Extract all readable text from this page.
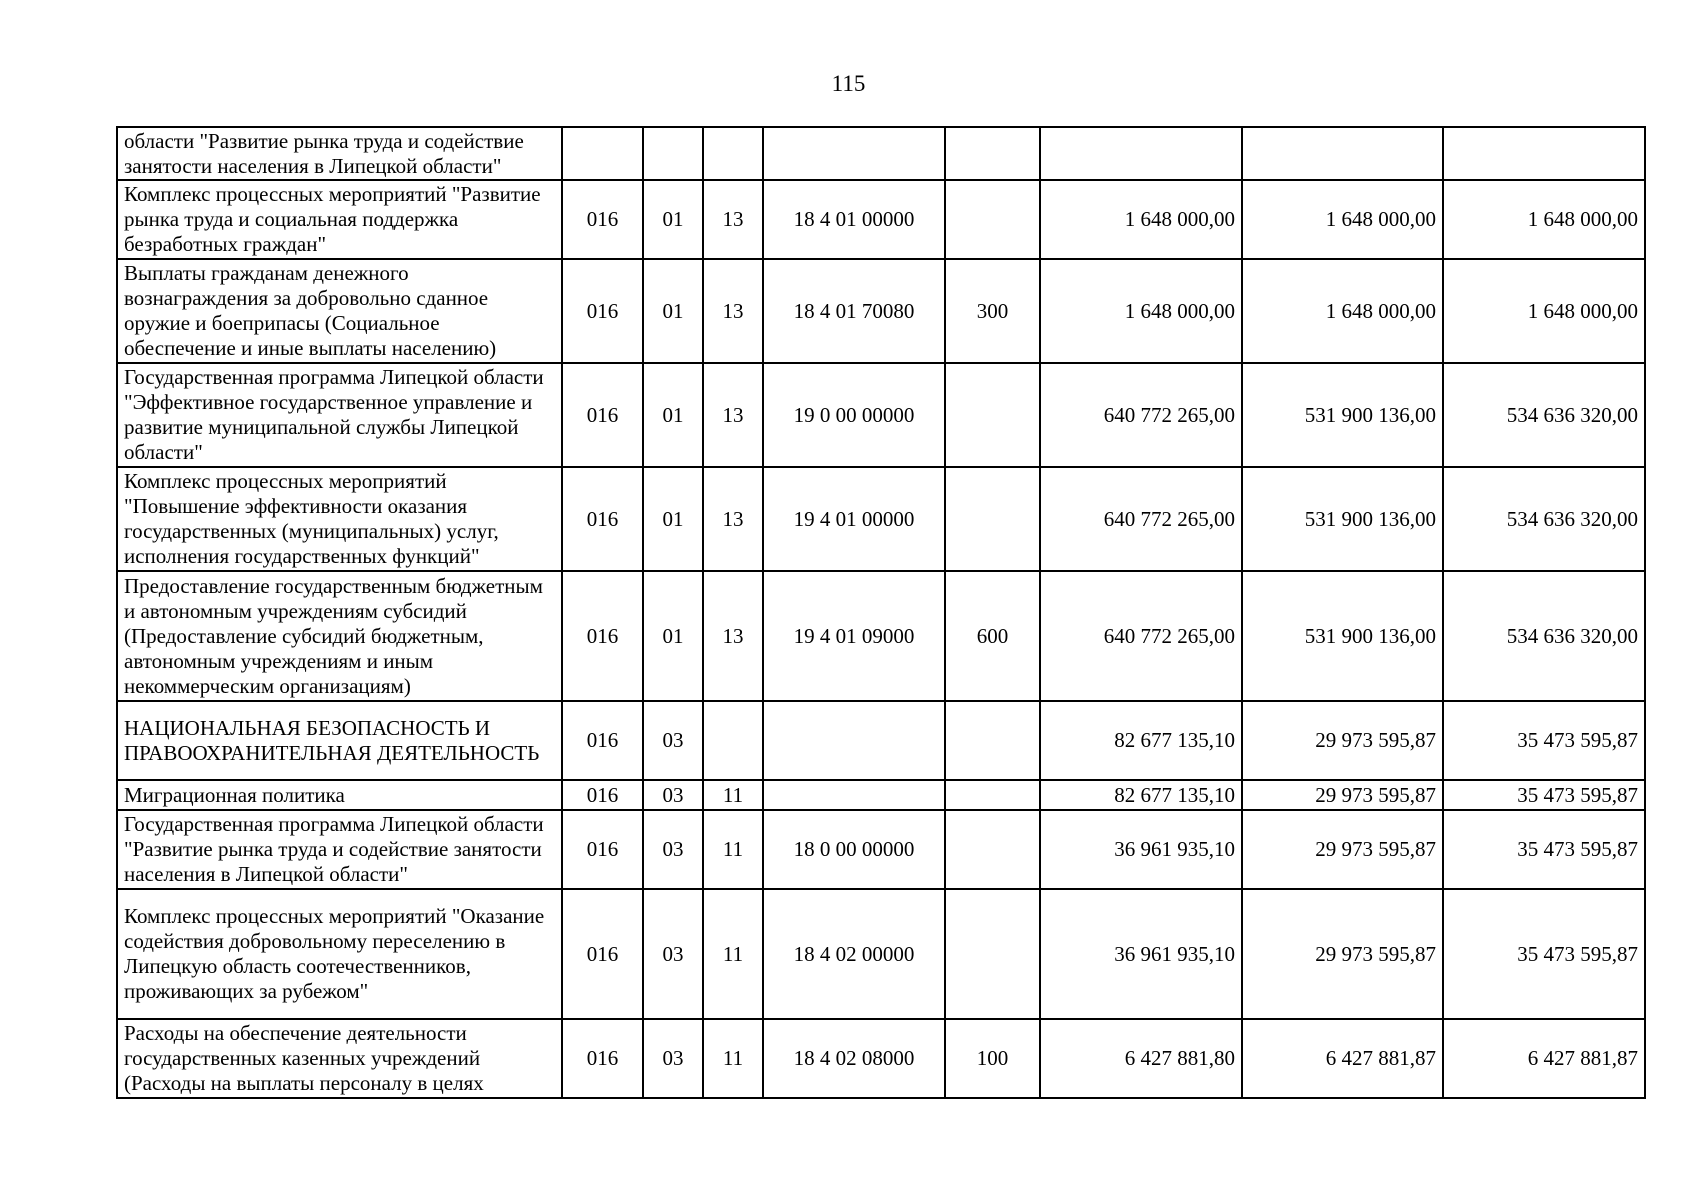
115
области "Развитие рынка труда и содействие занятости населения в Липецкой области"								
Комплекс процессных мероприятий "Развитие рынка труда и социальная поддержка безработных граждан"	016	01	13	18 4 01 00000		1 648 000,00	1 648 000,00	1 648 000,00
Выплаты гражданам денежного вознаграждения за добровольно сданное оружие и боеприпасы (Социальное обеспечение и иные выплаты населению)	016	01	13	18 4 01 70080	300	1 648 000,00	1 648 000,00	1 648 000,00
Государственная программа Липецкой области "Эффективное государственное управление и развитие муниципальной службы Липецкой области"	016	01	13	19 0 00 00000		640 772 265,00	531 900 136,00	534 636 320,00
Комплекс процессных мероприятий "Повышение эффективности оказания государственных (муниципальных) услуг, исполнения государственных функций"	016	01	13	19 4 01 00000		640 772 265,00	531 900 136,00	534 636 320,00
Предоставление государственным бюджетным и автономным учреждениям субсидий (Предоставление субсидий бюджетным, автономным учреждениям и иным некоммерческим организациям)	016	01	13	19 4 01 09000	600	640 772 265,00	531 900 136,00	534 636 320,00
НАЦИОНАЛЬНАЯ БЕЗОПАСНОСТЬ И ПРАВООХРАНИТЕЛЬНАЯ ДЕЯТЕЛЬНОСТЬ	016	03				82 677 135,10	29 973 595,87	35 473 595,87
Миграционная политика	016	03	11			82 677 135,10	29 973 595,87	35 473 595,87
Государственная программа Липецкой области "Развитие рынка труда и содействие занятости населения в Липецкой области"	016	03	11	18 0 00 00000		36 961 935,10	29 973 595,87	35 473 595,87
Комплекс процессных мероприятий "Оказание содействия добровольному переселению в Липецкую область соотечественников, проживающих за рубежом"	016	03	11	18 4 02 00000		36 961 935,10	29 973 595,87	35 473 595,87
Расходы на обеспечение деятельности государственных казенных учреждений (Расходы на выплаты персоналу в целях	016	03	11	18 4 02 08000	100	6 427 881,80	6 427 881,87	6 427 881,87
